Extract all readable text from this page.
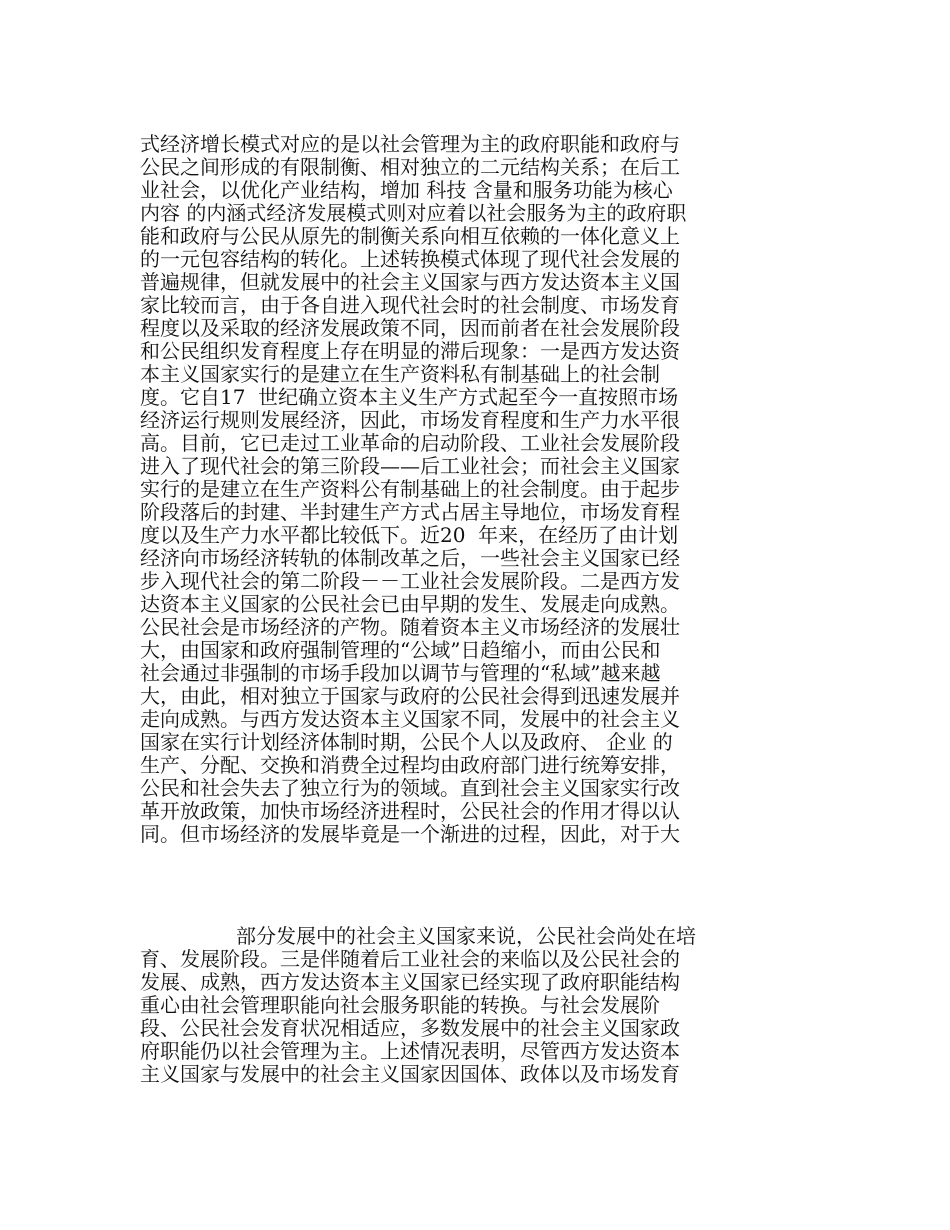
式经济增长模式对应的是以社会管理为主的政府职能和政府与
公民之间形成的有限制衡、相对独立的二元结构关系；在后工
业社会，以优化产业结构，增加 科技 含量和服务功能为核心
内容 的内涵式经济发展模式则对应着以社会服务为主的政府职
能和政府与公民从原先的制衡关系向相互依赖的一体化意义上
的一元包容结构的转化。上述转换模式体现了现代社会发展的
普遍规律，但就发展中的社会主义国家与西方发达资本主义国
家比较而言，由于各自进入现代社会时的社会制度、市场发育
程度以及采取的经济发展政策不同，因而前者在社会发展阶段
和公民组织发育程度上存在明显的滞后现象：一是西方发达资
本主义国家实行的是建立在生产资料私有制基础上的社会制
度。它自17  世纪确立资本主义生产方式起至今一直按照市场
经济运行规则发展经济，因此，市场发育程度和生产力水平很
高。目前，它已走过工业革命的启动阶段、工业社会发展阶段
进入了现代社会的第三阶段——后工业社会；而社会主义国家
实行的是建立在生产资料公有制基础上的社会制度。由于起步
阶段落后的封建、半封建生产方式占居主导地位，市场发育程
度以及生产力水平都比较低下。近20  年来，在经历了由计划
经济向市场经济转轨的体制改革之后，一些社会主义国家已经
步入现代社会的第二阶段－－工业社会发展阶段。二是西方发
达资本主义国家的公民社会已由早期的发生、发展走向成熟。
公民社会是市场经济的产物。随着资本主义市场经济的发展壮
大，由国家和政府强制管理的“公域”日趋缩小，而由公民和
社会通过非强制的市场手段加以调节与管理的“私域”越来越
大，由此，相对独立于国家与政府的公民社会得到迅速发展并
走向成熟。与西方发达资本主义国家不同，发展中的社会主义
国家在实行计划经济体制时期，公民个人以及政府、 企业 的
生产、分配、交换和消费全过程均由政府部门进行统筹安排，
公民和社会失去了独立行为的领域。直到社会主义国家实行改
革开放政策，加快市场经济进程时，公民社会的作用才得以认
同。但市场经济的发展毕竟是一个渐进的过程，因此，对于大
部分发展中的社会主义国家来说，公民社会尚处在培
育、发展阶段。三是伴随着后工业社会的来临以及公民社会的
发展、成熟，西方发达资本主义国家已经实现了政府职能结构
重心由社会管理职能向社会服务职能的转换。与社会发展阶
段、公民社会发育状况相适应，多数发展中的社会主义国家政
府职能仍以社会管理为主。上述情况表明，尽管西方发达资本
主义国家与发展中的社会主义国家因国体、政体以及市场发育
